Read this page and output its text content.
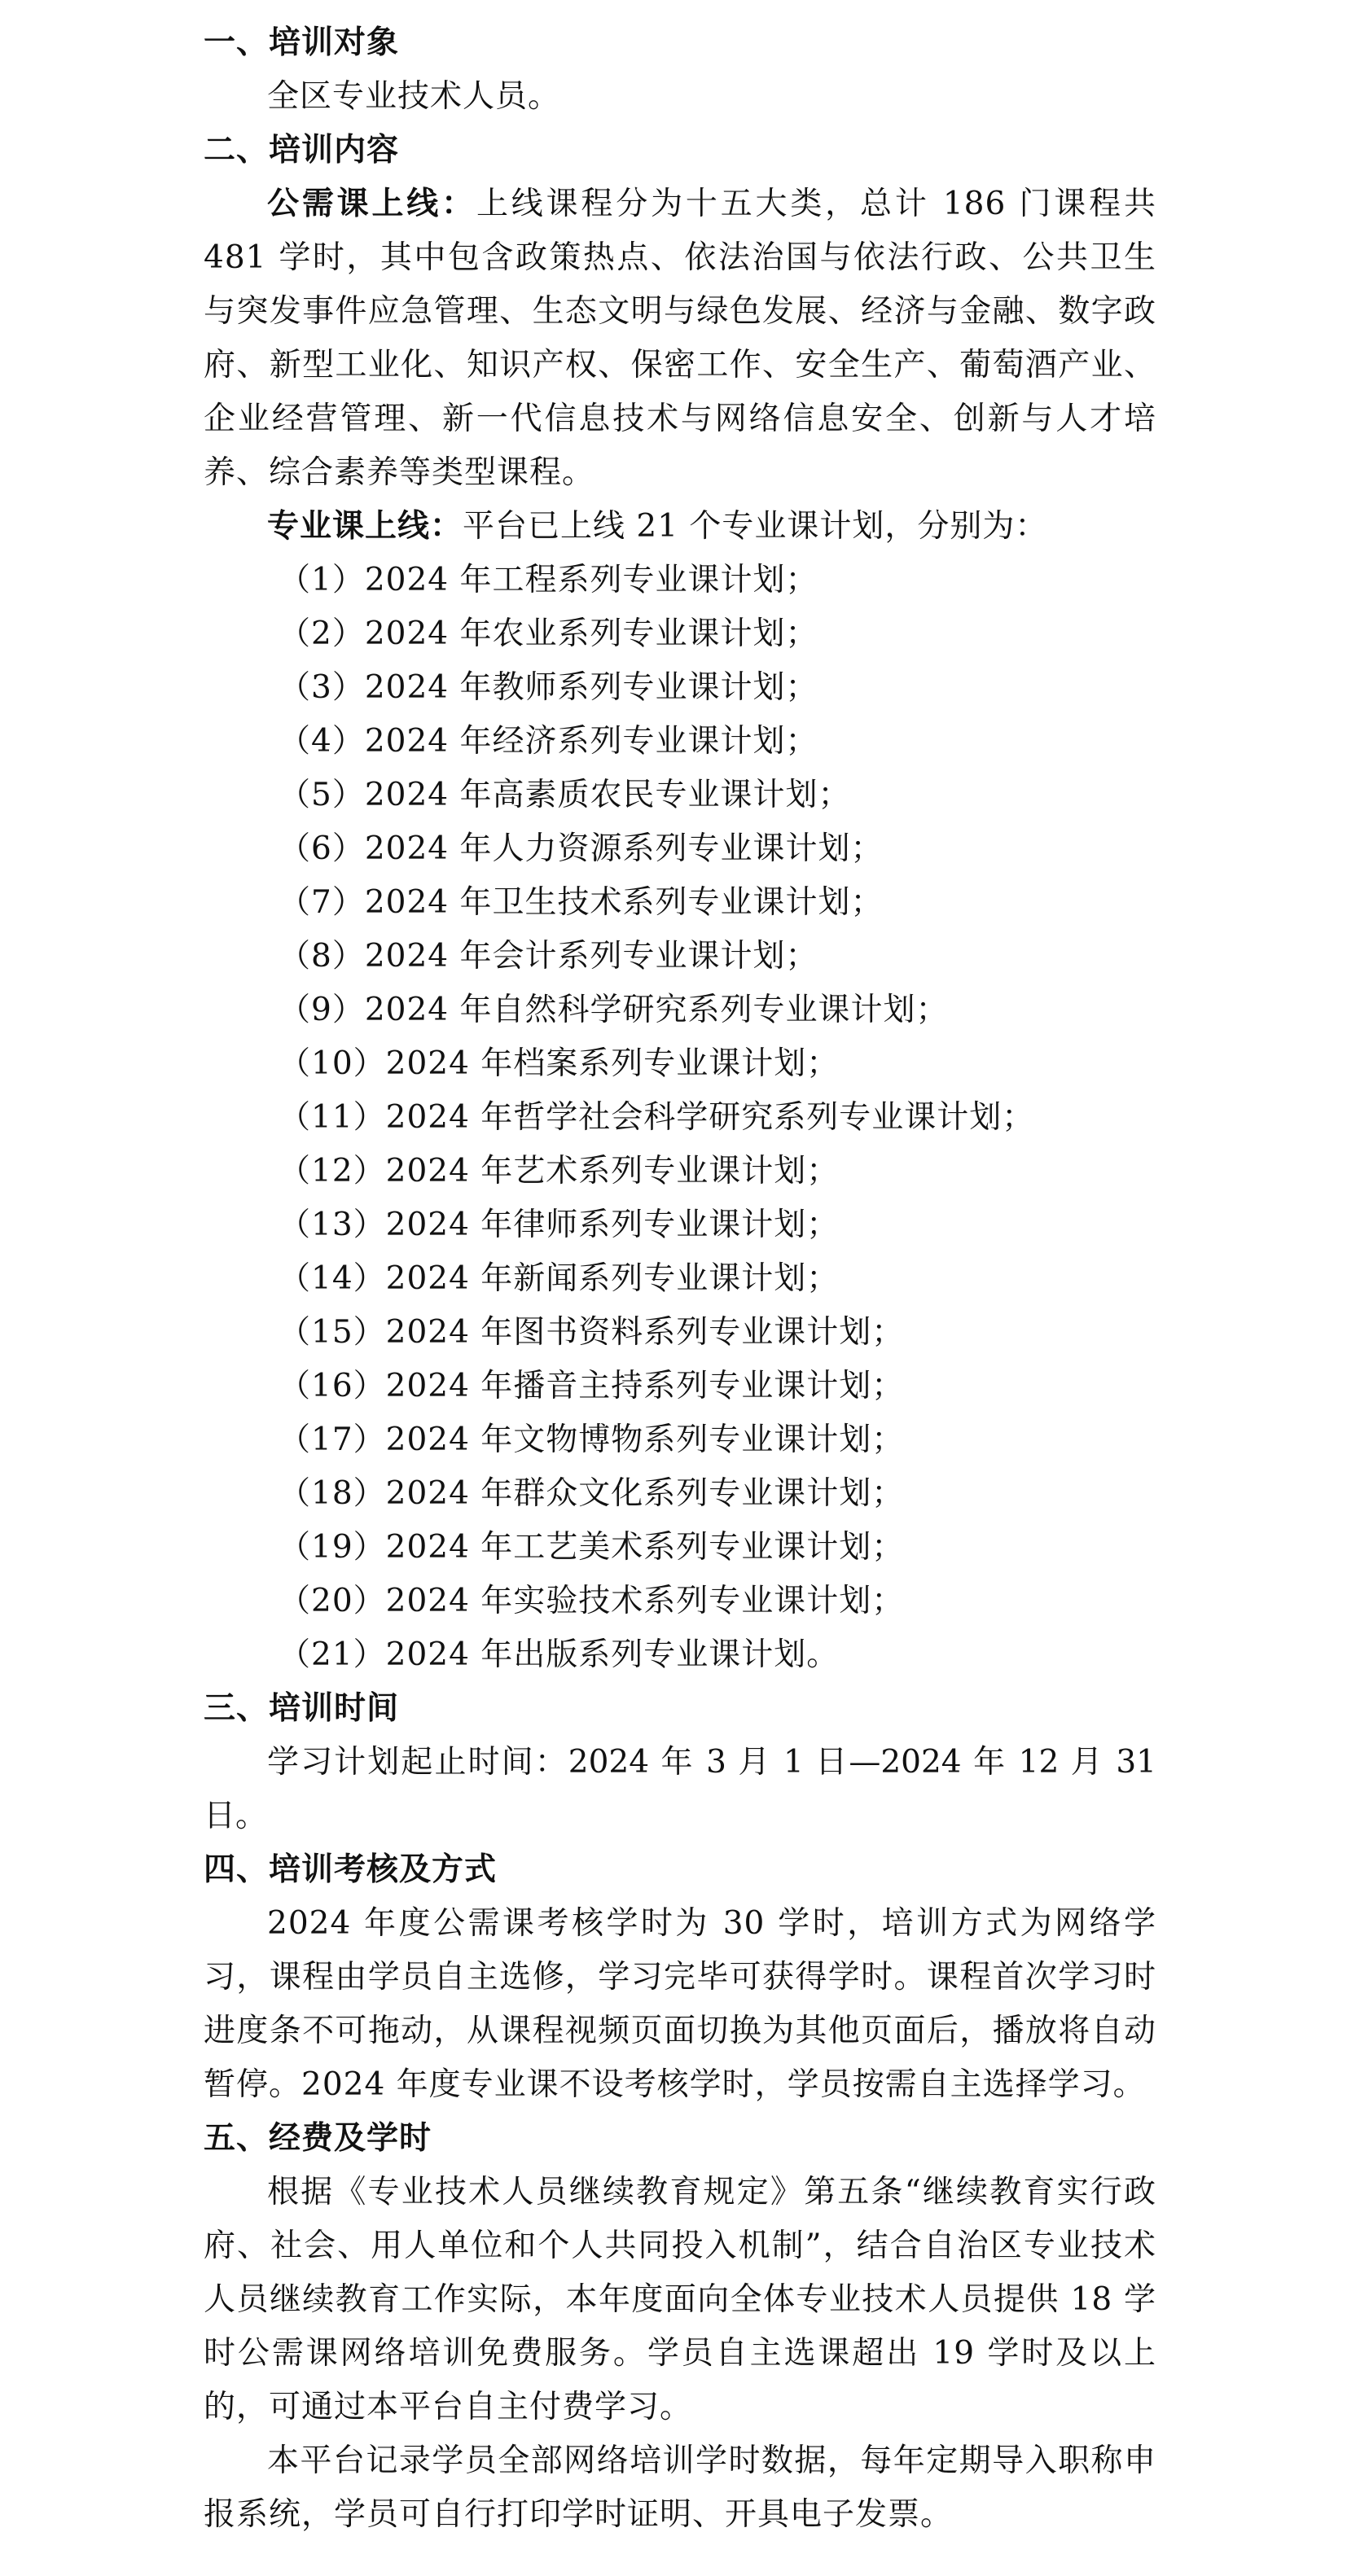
一、培训对象
全区专业技术人员。
二、培训内容
公需课上线：上线课程分为十五大类，总计 186 门课程共 481 学时，其中包含政策热点、依法治国与依法行政、公共卫生与突发事件应急管理、生态文明与绿色发展、经济与金融、数字政府、新型工业化、知识产权、保密工作、安全生产、葡萄酒产业、企业经营管理、新一代信息技术与网络信息安全、创新与人才培养、综合素养等类型课程。
专业课上线：平台已上线 21 个专业课计划，分别为：
（1）2024 年工程系列专业课计划；
（2）2024 年农业系列专业课计划；
（3）2024 年教师系列专业课计划；
（4）2024 年经济系列专业课计划；
（5）2024 年高素质农民专业课计划；
（6）2024 年人力资源系列专业课计划；
（7）2024 年卫生技术系列专业课计划；
（8）2024 年会计系列专业课计划；
（9）2024 年自然科学研究系列专业课计划；
（10）2024 年档案系列专业课计划；
（11）2024 年哲学社会科学研究系列专业课计划；
（12）2024 年艺术系列专业课计划；
（13）2024 年律师系列专业课计划；
（14）2024 年新闻系列专业课计划；
（15）2024 年图书资料系列专业课计划；
（16）2024 年播音主持系列专业课计划；
（17）2024 年文物博物系列专业课计划；
（18）2024 年群众文化系列专业课计划；
（19）2024 年工艺美术系列专业课计划；
（20）2024 年实验技术系列专业课计划；
（21）2024 年出版系列专业课计划。
三、培训时间
学习计划起止时间：2024 年 3 月 1 日—2024 年 12 月 31 日。
四、培训考核及方式
2024 年度公需课考核学时为 30 学时，培训方式为网络学习，课程由学员自主选修，学习完毕可获得学时。课程首次学习时进度条不可拖动，从课程视频页面切换为其他页面后，播放将自动暂停。2024 年度专业课不设考核学时，学员按需自主选择学习。
五、经费及学时
根据《专业技术人员继续教育规定》第五条“继续教育实行政府、社会、用人单位和个人共同投入机制”，结合自治区专业技术人员继续教育工作实际，本年度面向全体专业技术人员提供 18 学时公需课网络培训免费服务。学员自主选课超出 19 学时及以上的，可通过本平台自主付费学习。
本平台记录学员全部网络培训学时数据，每年定期导入职称申报系统，学员可自行打印学时证明、开具电子发票。
